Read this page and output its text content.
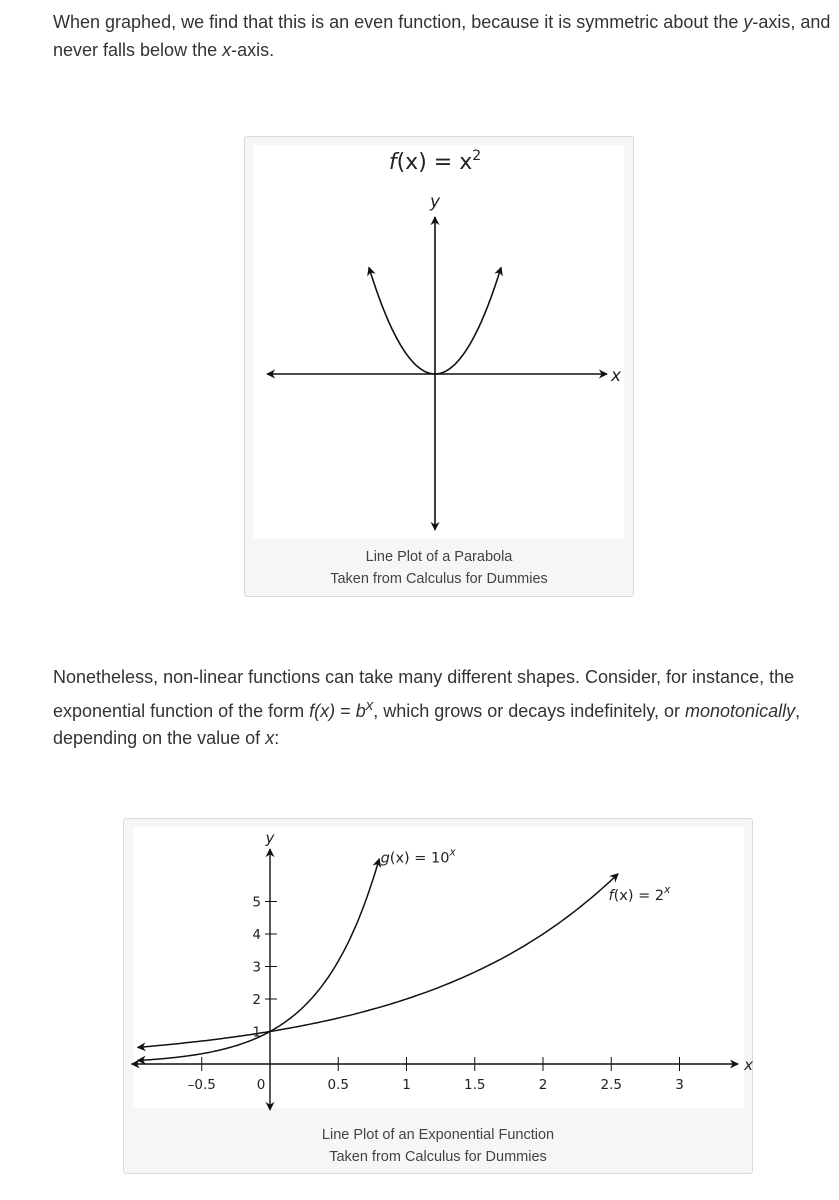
When graphed, we find that this is an even function, because it is symmetric about the y-axis, and never falls below the x-axis.

$f(x) = x^2$
y
x
Line Plot of a Parabola
Taken from Calculus for Dummies

Nonetheless, non-linear functions can take many different shapes. Consider, for instance, the exponential function of the form $f(x) = b^x$, which grows or decays indefinitely, or monotonically, depending on the value of x:

x
y
–0.5	0	0.5	1	1.5	2	2.5	3
1
2
3
4
5
$g(x) = 10^x$
$f(x) = 2^x$
Line Plot of an Exponential Function
Taken from Calculus for Dummies
